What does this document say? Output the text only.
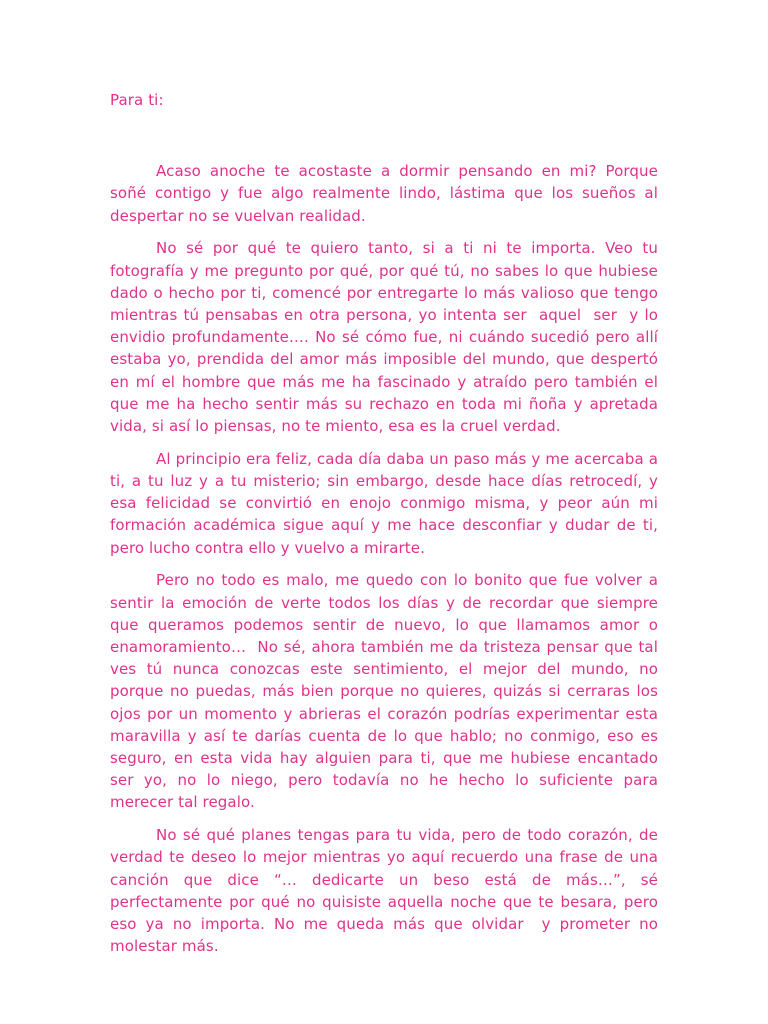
Para ti:

Acaso anoche te acostaste a dormir pensando en mi? Porque soñé contigo y fue algo realmente lindo, lástima que los sueños al despertar no se vuelvan realidad.

No sé por qué te quiero tanto, si a ti ni te importa. Veo tu fotografía y me pregunto por qué, por qué tú, no sabes lo que hubiese dado o hecho por ti, comencé por entregarte lo más valioso que tengo mientras tú pensabas en otra persona, yo intenta ser  aquel  ser  y lo envidio profundamente…. No sé cómo fue, ni cuándo sucedió pero allí estaba yo, prendida del amor más imposible del mundo, que despertó en mí el hombre que más me ha fascinado y atraído pero también el que me ha hecho sentir más su rechazo en toda mi ñoña y apretada vida, si así lo piensas, no te miento, esa es la cruel verdad.

Al principio era feliz, cada día daba un paso más y me acercaba a ti, a tu luz y a tu misterio; sin embargo, desde hace días retrocedí, y esa felicidad se convirtió en enojo conmigo misma, y peor aún mi formación académica sigue aquí y me hace desconfiar y dudar de ti, pero lucho contra ello y vuelvo a mirarte.

Pero no todo es malo, me quedo con lo bonito que fue volver a sentir la emoción de verte todos los días y de recordar que siempre que queramos podemos sentir de nuevo, lo que llamamos amor o enamoramiento…  No sé, ahora también me da tristeza pensar que tal ves tú nunca conozcas este sentimiento, el mejor del mundo, no porque no puedas, más bien porque no quieres, quizás si cerraras los ojos por un momento y abrieras el corazón podrías experimentar esta maravilla y así te darías cuenta de lo que hablo; no conmigo, eso es seguro, en esta vida hay alguien para ti, que me hubiese encantado ser yo, no lo niego, pero todavía no he hecho lo suficiente para merecer tal regalo.

No sé qué planes tengas para tu vida, pero de todo corazón, de verdad te deseo lo mejor mientras yo aquí recuerdo una frase de una canción que dice “… dedicarte un beso está de más…”, sé perfectamente por qué no quisiste aquella noche que te besara, pero eso ya no importa. No me queda más que olvidar  y prometer no molestar más.
